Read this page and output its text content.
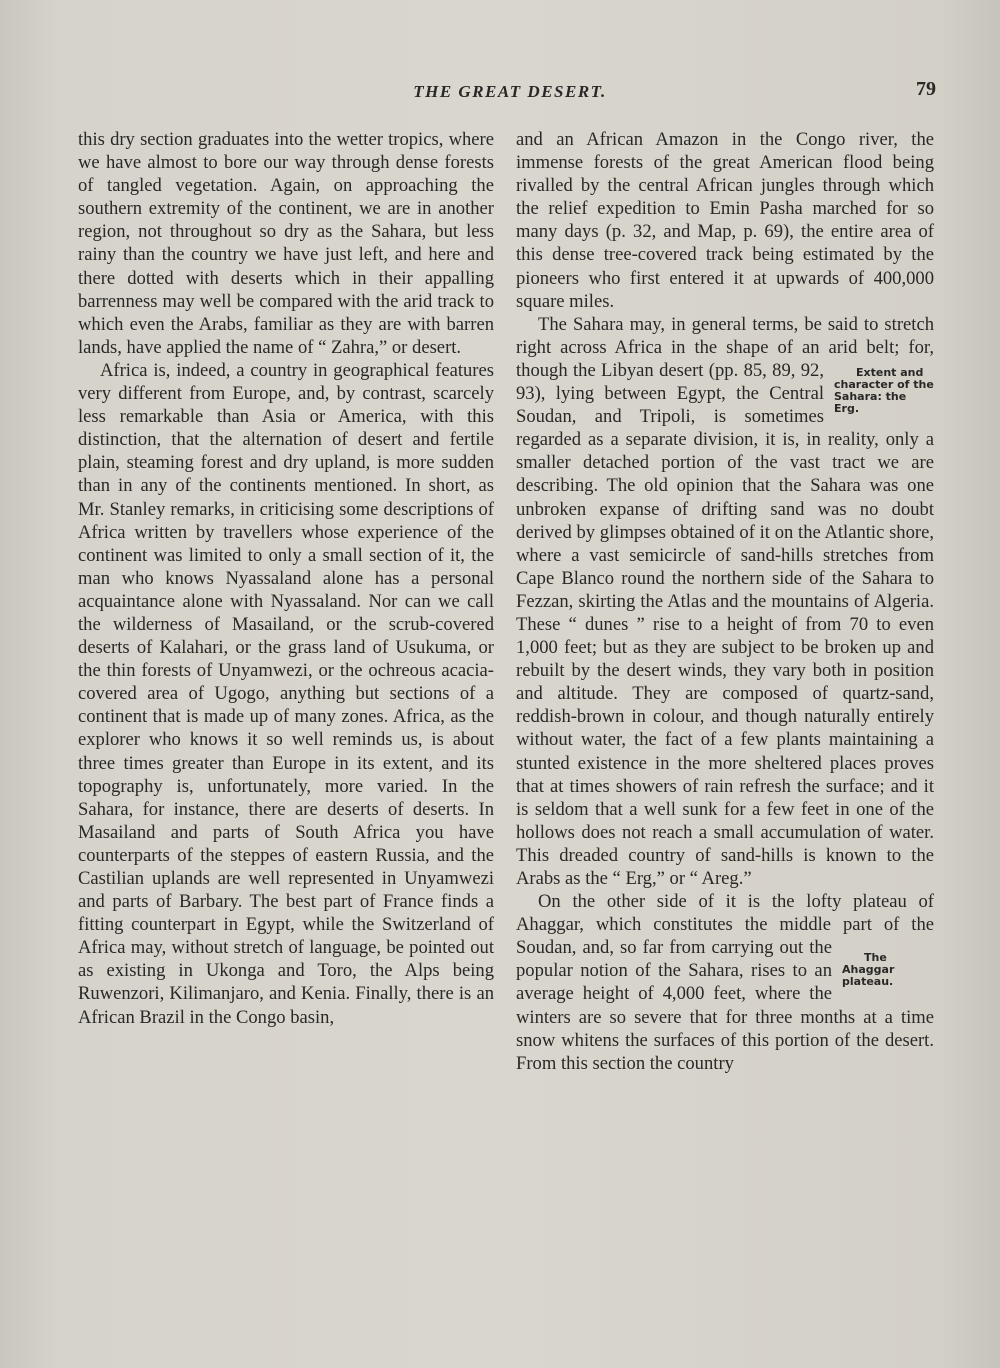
THE GREAT DESERT.	79

this dry section graduates into the wetter tropics, where we have almost to bore our way through dense forests of tangled vegetation. Again, on approaching the southern extremity of the continent, we are in another region, not throughout so dry as the Sahara, but less rainy than the country we have just left, and here and there dotted with deserts which in their appalling barrenness may well be compared with the arid track to which even the Arabs, familiar as they are with barren lands, have applied the name of “ Zahra,” or desert.

Africa is, indeed, a country in geographical features very different from Europe, and, by contrast, scarcely less remarkable than Asia or America, with this distinction, that the alternation of desert and fertile plain, steaming forest and dry upland, is more sudden than in any of the continents mentioned. In short, as Mr. Stanley remarks, in criticising some descriptions of Africa written by travellers whose experience of the continent was limited to only a small section of it, the man who knows Nyassaland alone has a personal acquaintance alone with Nyassaland. Nor can we call the wilderness of Masailand, or the scrub-covered deserts of Kalahari, or the grass land of Usukuma, or the thin forests of Unyamwezi, or the ochreous acacia-covered area of Ugogo, anything but sections of a continent that is made up of many zones. Africa, as the explorer who knows it so well reminds us, is about three times greater than Europe in its extent, and its topography is, unfortunately, more varied. In the Sahara, for instance, there are deserts of deserts. In Masailand and parts of South Africa you have counterparts of the steppes of eastern Russia, and the Castilian uplands are well represented in Unyamwezi and parts of Barbary. The best part of France finds a fitting counterpart in Egypt, while the Switzerland of Africa may, without stretch of language, be pointed out as existing in Ukonga and Toro, the Alps being Ruwenzori, Kilimanjaro, and Kenia. Finally, there is an African Brazil in the Congo basin,

and an African Amazon in the Congo river, the immense forests of the great American flood being rivalled by the central African jungles through which the relief expedition to Emin Pasha marched for so many days (p. 32, and Map, p. 69), the entire area of this dense tree-covered track being estimated by the pioneers who first entered it at upwards of 400,000 square miles.

The Sahara may, in general terms, be said to stretch right across Africa in the shape of an arid belt; for, though the Libyan	Extent and character of the Sahara: the Erg.
desert (pp. 85, 89, 92, 93), lying between Egypt, the Central Soudan, and Tripoli, is sometimes regarded as a separate division, it is, in reality, only a smaller detached portion of the vast tract we are describing. The old opinion that the Sahara was one unbroken expanse of drifting sand was no doubt derived by glimpses obtained of it on the Atlantic shore, where a vast semicircle of sand-hills stretches from Cape Blanco round the northern side of the Sahara to Fezzan, skirting the Atlas and the mountains of Algeria. These “ dunes ” rise to a height of from 70 to even 1,000 feet; but as they are subject to be broken up and rebuilt by the desert winds, they vary both in position and altitude. They are composed of quartz-sand, reddish-brown in colour, and though naturally entirely without water, the fact of a few plants maintaining a stunted existence in the more sheltered places proves that at times showers of rain refresh the surface; and it is seldom that a well sunk for a few feet in one of the hollows does not reach a small accumulation of water. This dreaded country of sand-hills is known to the Arabs as the “ Erg,” or “ Areg.”

On the other side of it is the lofty plateau of Ahaggar, which constitutes the middle part of the Soudan, and, so far from	The Ahaggar plateau.
carrying out the popular notion of the Sahara, rises to an average height of 4,000 feet, where the winters are so severe that for three months at a time snow whitens the surfaces of this portion of the desert. From this section the country
